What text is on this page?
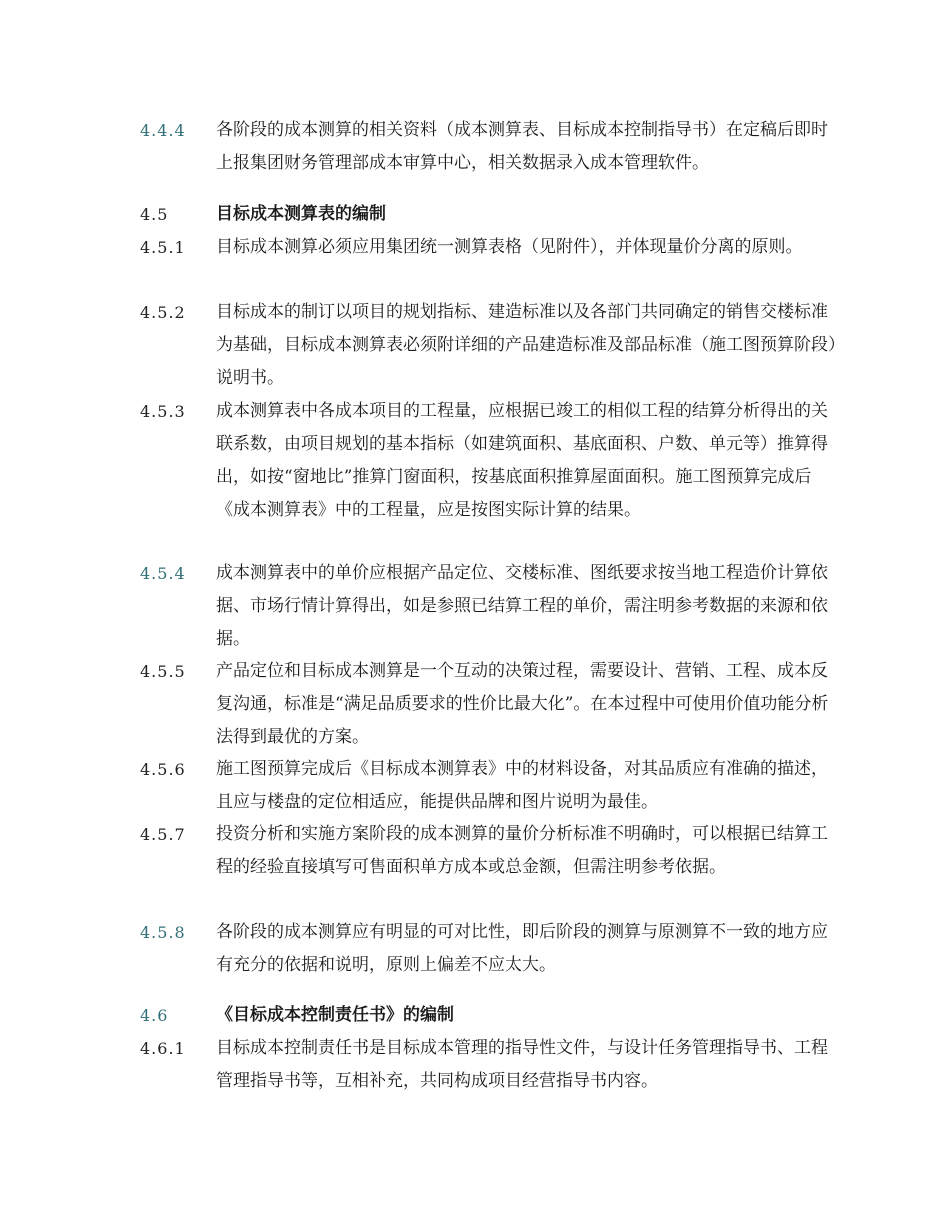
4.4.4	各阶段的成本测算的相关资料（成本测算表、目标成本控制指导书）在定稿后即时上报集团财务管理部成本审算中心，相关数据录入成本管理软件。
4.5	目标成本测算表的编制
4.5.1	目标成本测算必须应用集团统一测算表格（见附件），并体现量价分离的原则。
4.5.2	目标成本的制订以项目的规划指标、建造标准以及各部门共同确定的销售交楼标准为基础，目标成本测算表必须附详细的产品建造标准及部品标准（施工图预算阶段）说明书。
4.5.3	成本测算表中各成本项目的工程量，应根据已竣工的相似工程的结算分析得出的关联系数，由项目规划的基本指标（如建筑面积、基底面积、户数、单元等）推算得出，如按“窗地比”推算门窗面积，按基底面积推算屋面面积。施工图预算完成后《成本测算表》中的工程量，应是按图实际计算的结果。
4.5.4	成本测算表中的单价应根据产品定位、交楼标准、图纸要求按当地工程造价计算依据、市场行情计算得出，如是参照已结算工程的单价，需注明参考数据的来源和依据。
4.5.5	产品定位和目标成本测算是一个互动的决策过程，需要设计、营销、工程、成本反复沟通，标准是“满足品质要求的性价比最大化”。在本过程中可使用价值功能分析法得到最优的方案。
4.5.6	施工图预算完成后《目标成本测算表》中的材料设备，对其品质应有准确的描述，且应与楼盘的定位相适应，能提供品牌和图片说明为最佳。
4.5.7	投资分析和实施方案阶段的成本测算的量价分析标准不明确时，可以根据已结算工程的经验直接填写可售面积单方成本或总金额，但需注明参考依据。
4.5.8	各阶段的成本测算应有明显的可对比性，即后阶段的测算与原测算不一致的地方应有充分的依据和说明，原则上偏差不应太大。
4.6	《目标成本控制责任书》的编制
4.6.1	目标成本控制责任书是目标成本管理的指导性文件，与设计任务管理指导书、工程管理指导书等，互相补充，共同构成项目经营指导书内容。
